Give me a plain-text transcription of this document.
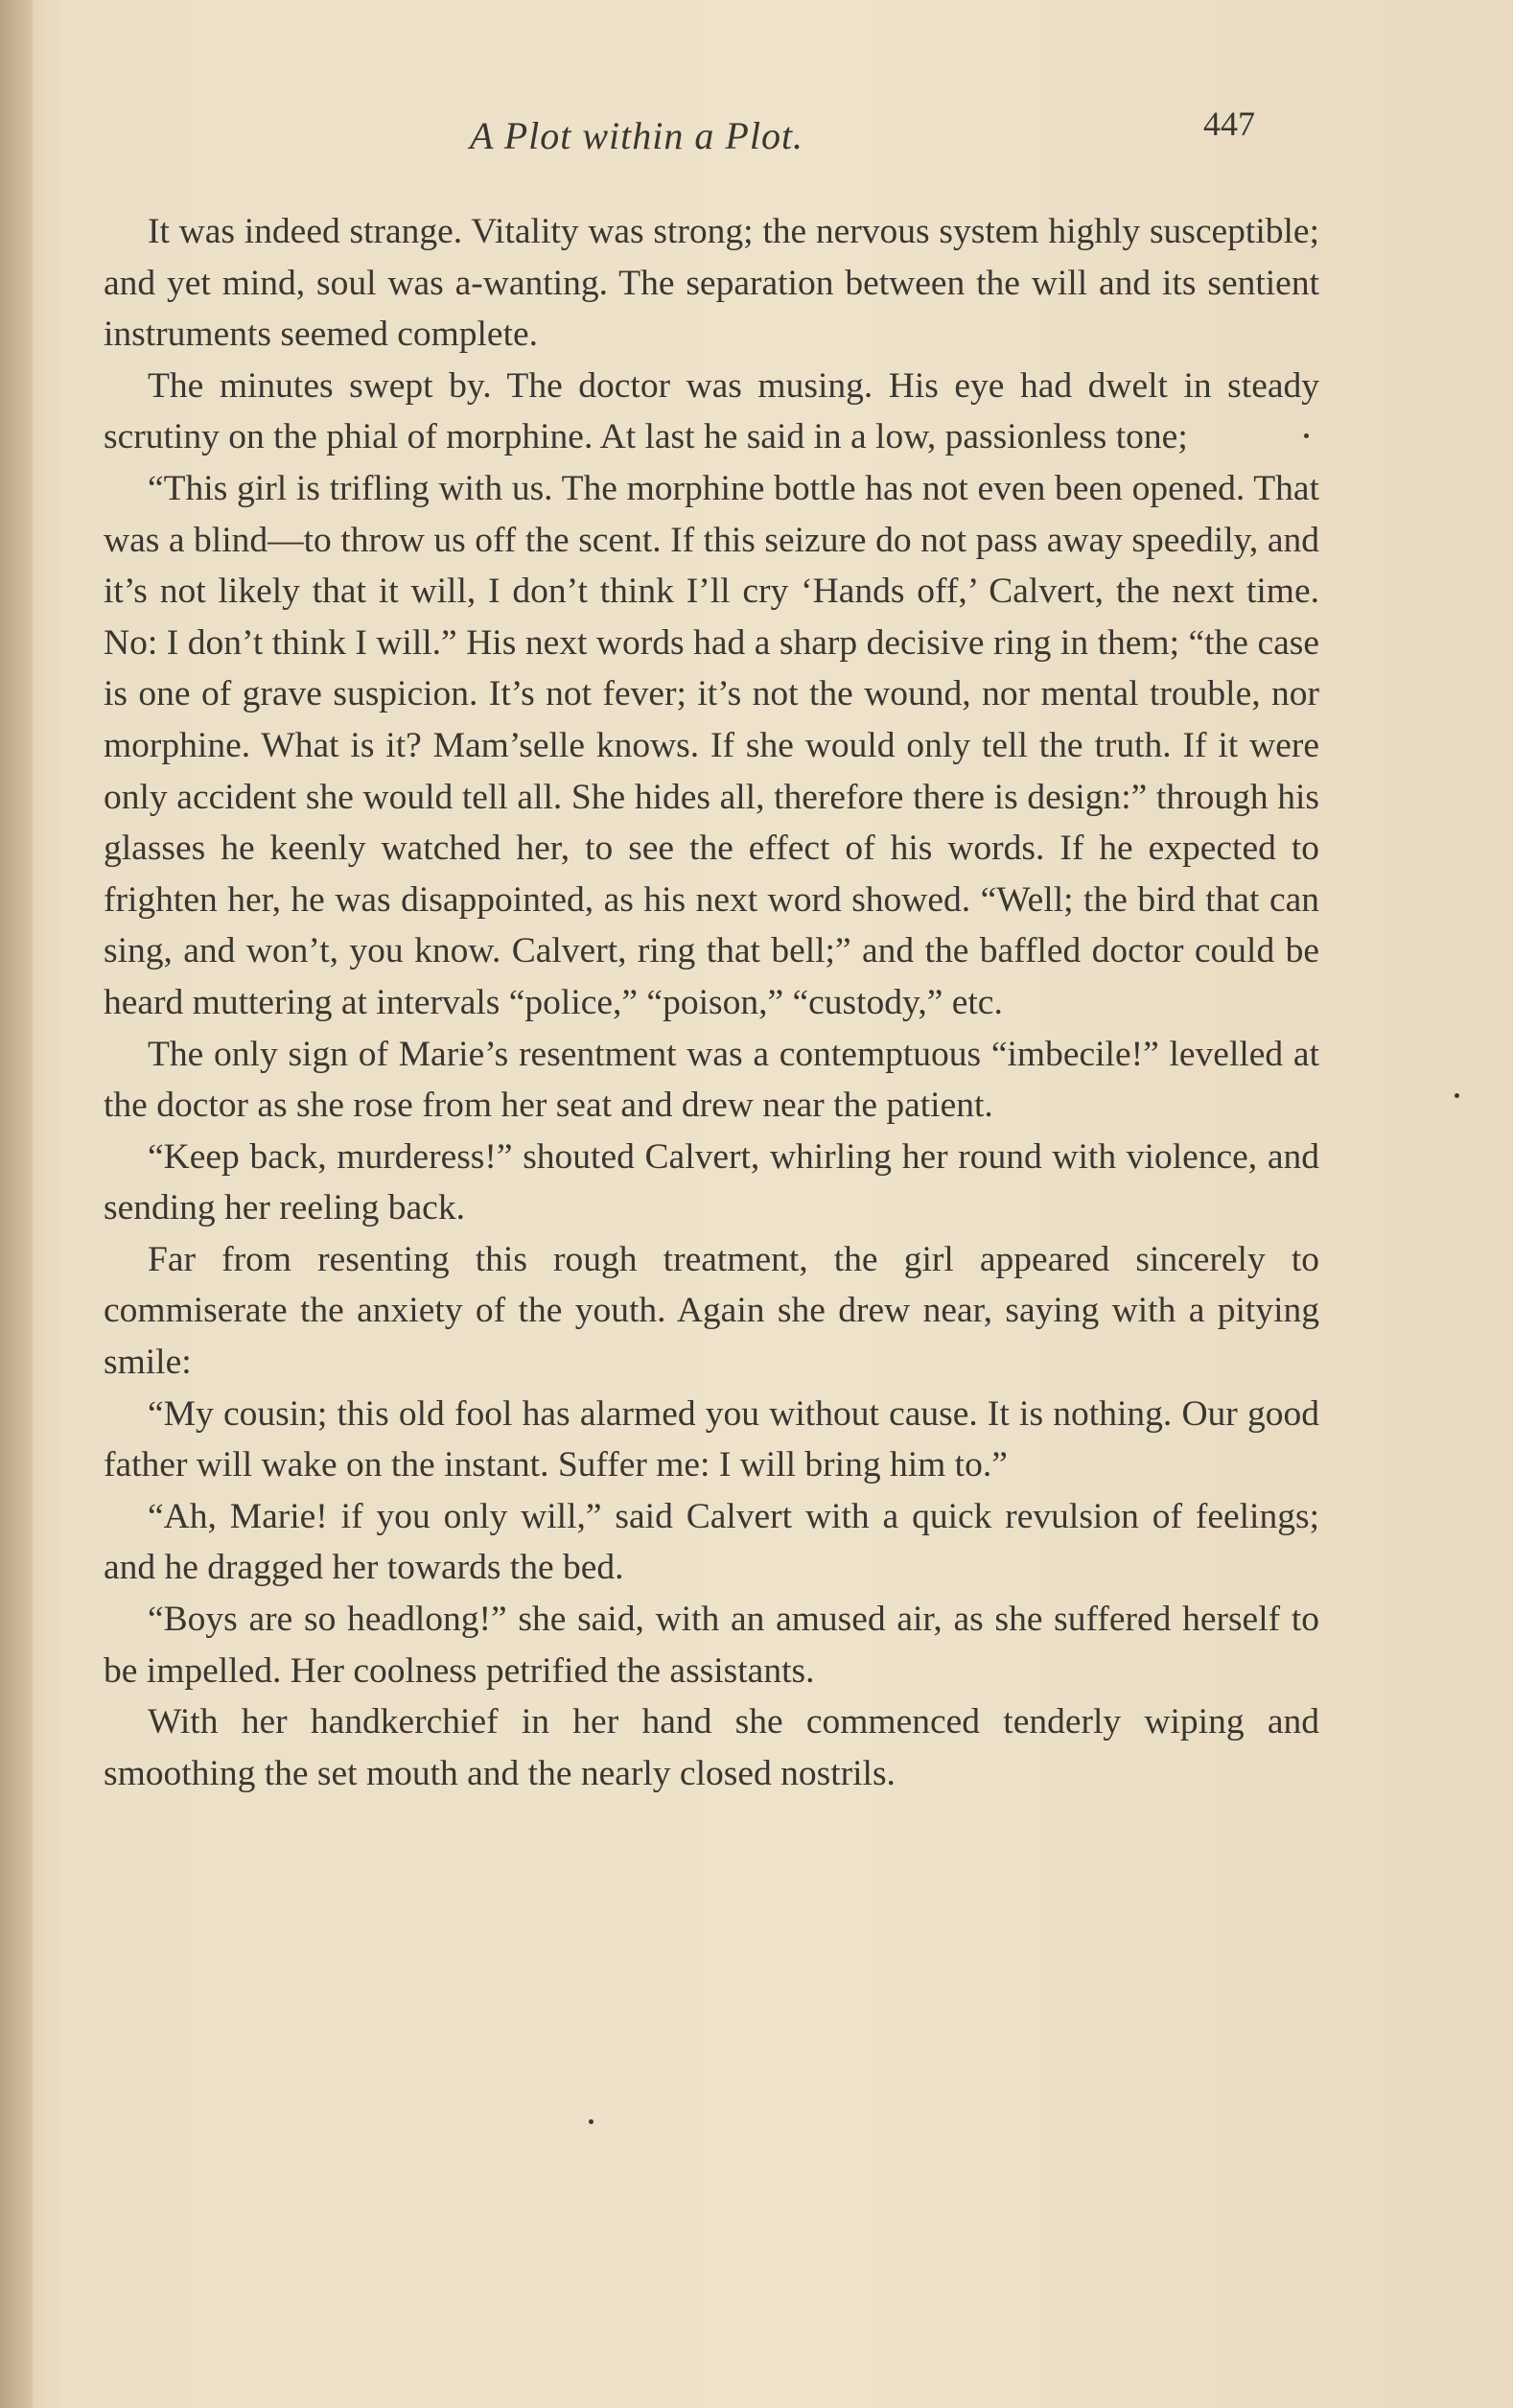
A Plot within a Plot.	447

It was indeed strange. Vitality was strong; the nervous system highly susceptible; and yet mind, soul was a-wanting. The separation between the will and its sentient instruments seemed complete.

The minutes swept by. The doctor was musing. His eye had dwelt in steady scrutiny on the phial of morphine. At last he said in a low, passionless tone;

“This girl is trifling with us. The morphine bottle has not even been opened. That was a blind—to throw us off the scent. If this seizure do not pass away speedily, and it’s not likely that it will, I don’t think I’ll cry ‘Hands off,’ Calvert, the next time. No: I don’t think I will.” His next words had a sharp decisive ring in them; “the case is one of grave suspicion. It’s not fever; it’s not the wound, nor mental trouble, nor morphine. What is it? Mam’selle knows. If she would only tell the truth. If it were only accident she would tell all. She hides all, therefore there is design:” through his glasses he keenly watched her, to see the effect of his words. If he expected to frighten her, he was disappointed, as his next word showed. “Well; the bird that can sing, and won’t, you know. Calvert, ring that bell;” and the baffled doctor could be heard muttering at intervals “police,” “poison,” “custody,” etc.

The only sign of Marie’s resentment was a contemptuous “imbecile!” levelled at the doctor as she rose from her seat and drew near the patient.

“Keep back, murderess!” shouted Calvert, whirling her round with violence, and sending her reeling back.

Far from resenting this rough treatment, the girl appeared sincerely to commiserate the anxiety of the youth. Again she drew near, saying with a pitying smile:

“My cousin; this old fool has alarmed you without cause. It is nothing. Our good father will wake on the instant. Suffer me: I will bring him to.”

“Ah, Marie! if you only will,” said Calvert with a quick revulsion of feelings; and he dragged her towards the bed.

“Boys are so headlong!” she said, with an amused air, as she suffered herself to be impelled. Her coolness petrified the assistants.

With her handkerchief in her hand she commenced tenderly wiping and smoothing the set mouth and the nearly closed nostrils.
